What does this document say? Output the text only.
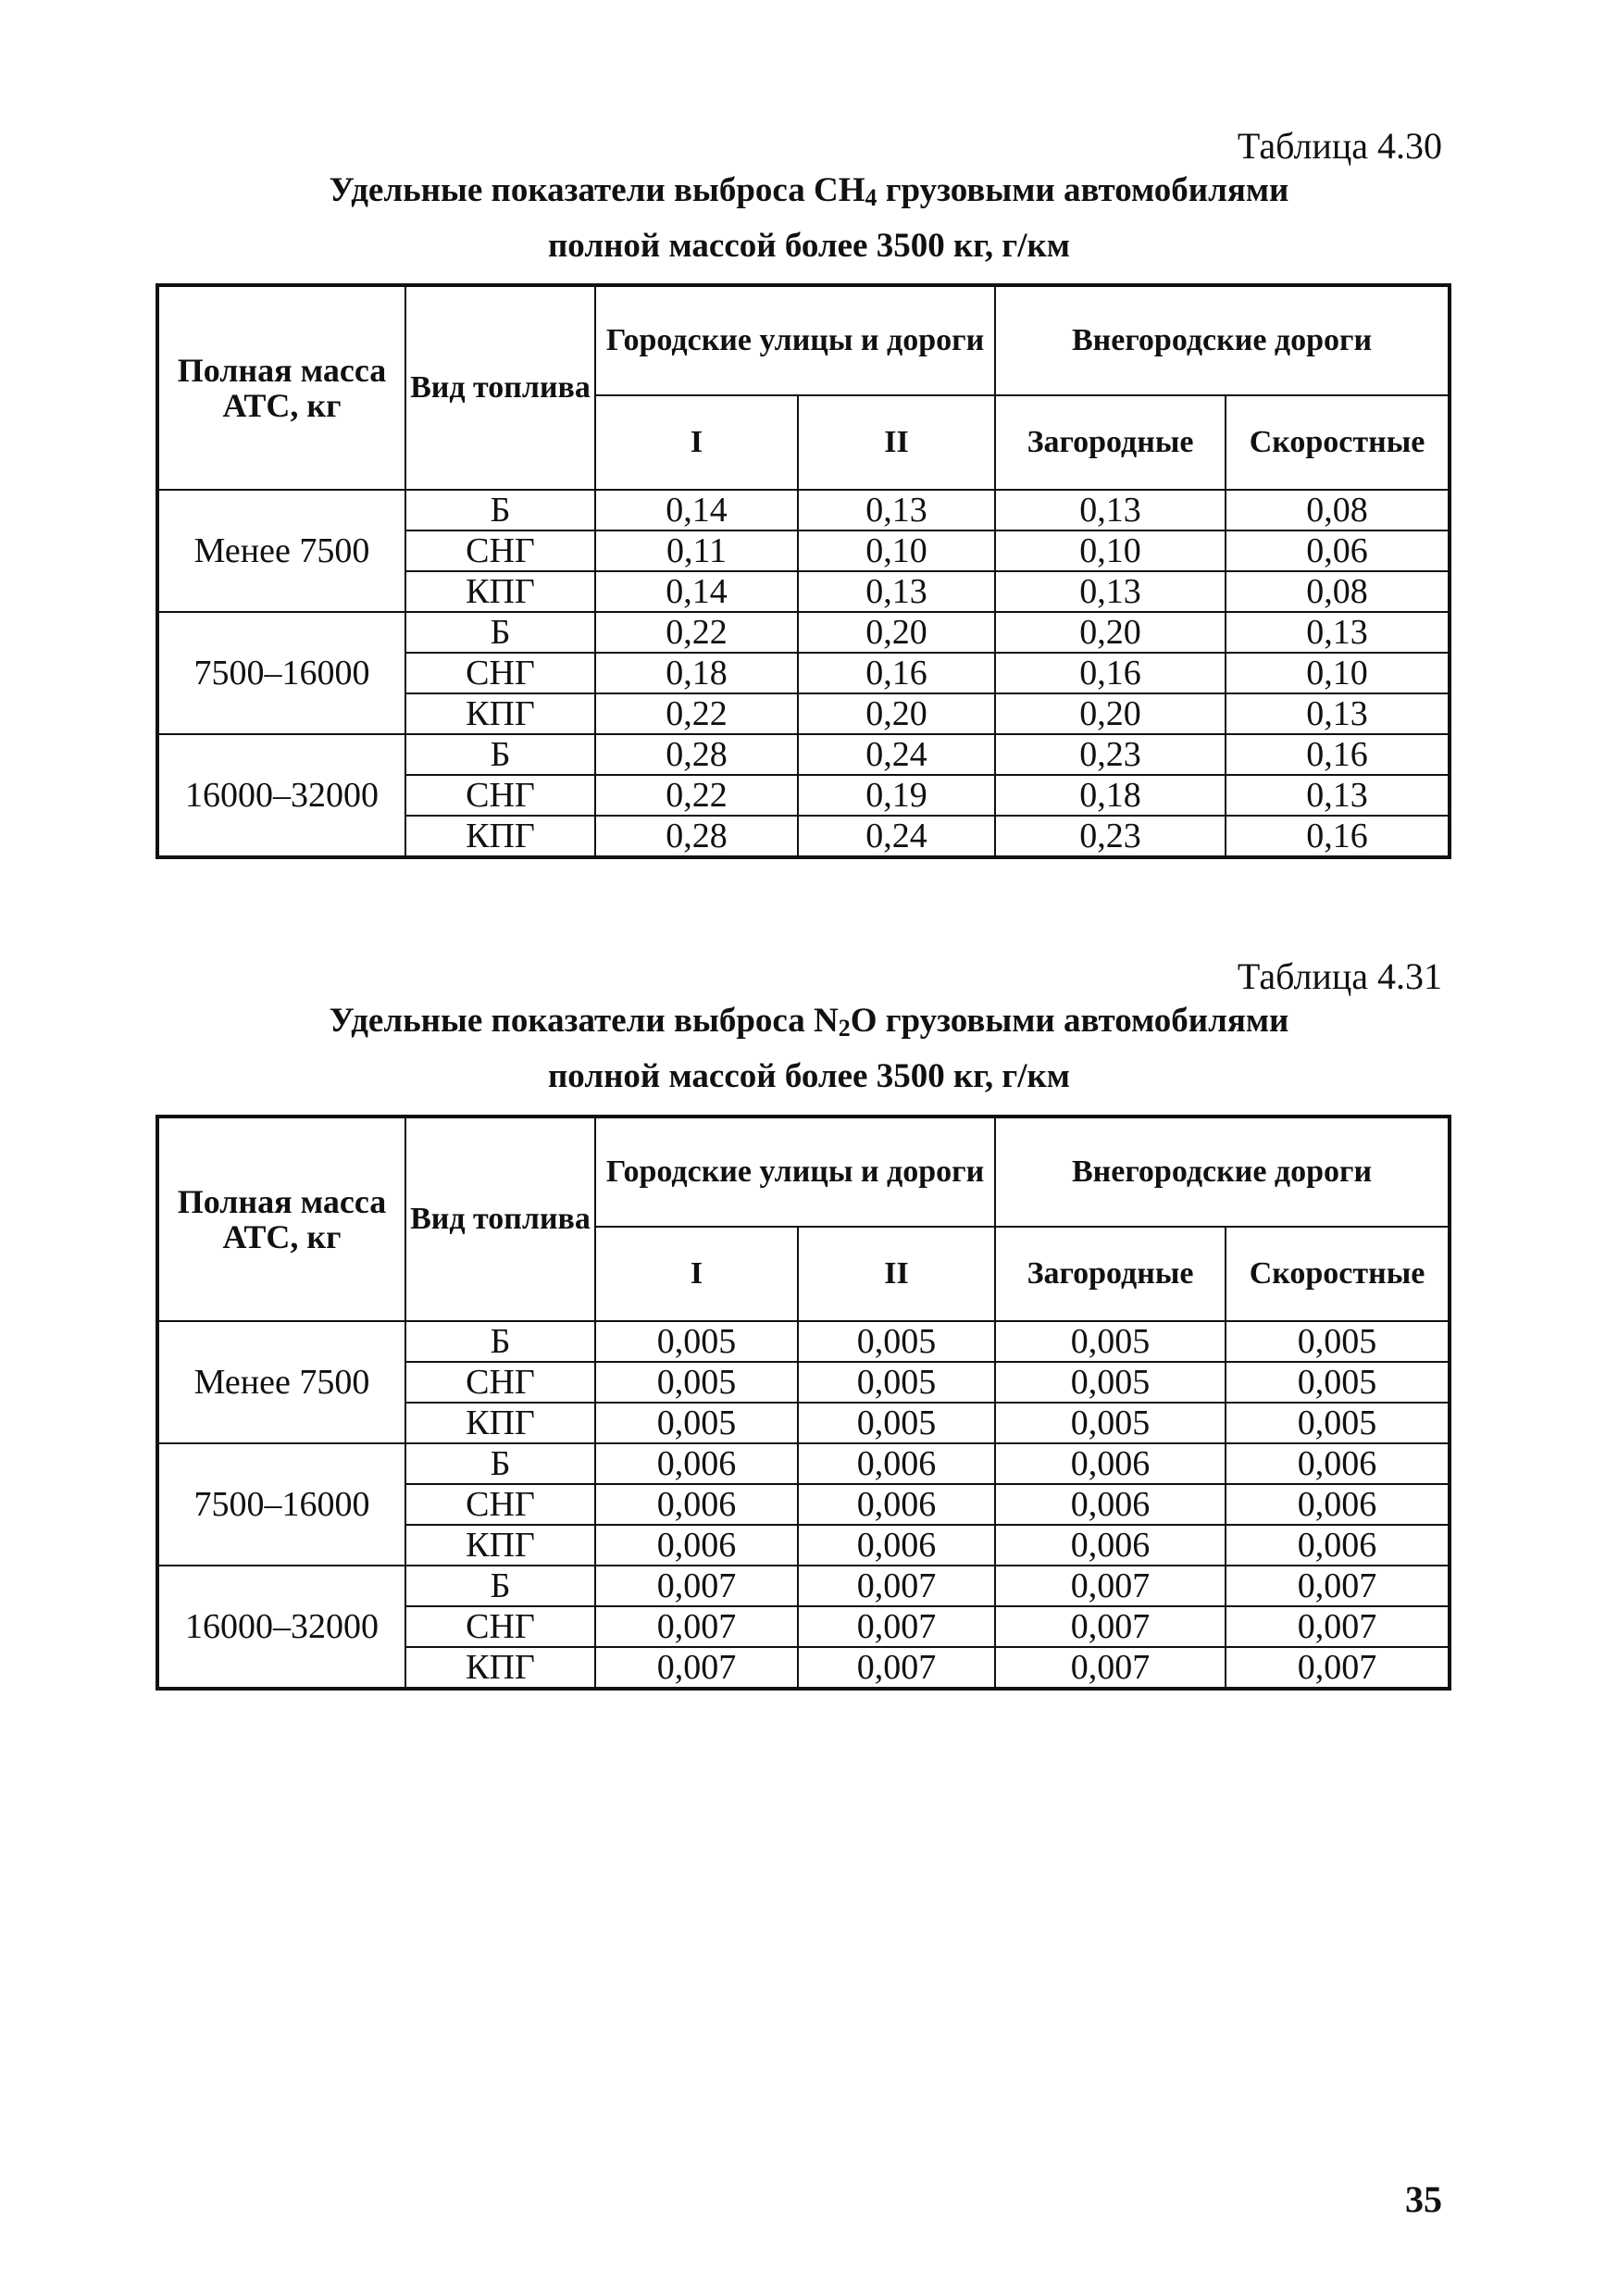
Таблица 4.30
Удельные показатели выброса $CH_4$ грузовыми автомобилями
полной массой более 3500 кг, г/км
Полная масса АТС, кг	Вид топлива	Городские улицы и дороги		Внегородские дороги	
		I	II	Загородные	Скоростные
Менее 7500	Б	0,14	0,13	0,13	0,08
	СНГ	0,11	0,10	0,10	0,06
	КПГ	0,14	0,13	0,13	0,08
7500–16000	Б	0,22	0,20	0,20	0,13
	СНГ	0,18	0,16	0,16	0,10
	КПГ	0,22	0,20	0,20	0,13
16000–32000	Б	0,28	0,24	0,23	0,16
	СНГ	0,22	0,19	0,18	0,13
	КПГ	0,28	0,24	0,23	0,16
Таблица 4.31
Удельные показатели выброса $N_2O$ грузовыми автомобилями
полной массой более 3500 кг, г/км
Полная масса АТС, кг	Вид топлива	Городские улицы и дороги		Внегородские дороги	
		I	II	Загородные	Скоростные
Менее 7500	Б	0,005	0,005	0,005	0,005
	СНГ	0,005	0,005	0,005	0,005
	КПГ	0,005	0,005	0,005	0,005
7500–16000	Б	0,006	0,006	0,006	0,006
	СНГ	0,006	0,006	0,006	0,006
	КПГ	0,006	0,006	0,006	0,006
16000–32000	Б	0,007	0,007	0,007	0,007
	СНГ	0,007	0,007	0,007	0,007
	КПГ	0,007	0,007	0,007	0,007
35
